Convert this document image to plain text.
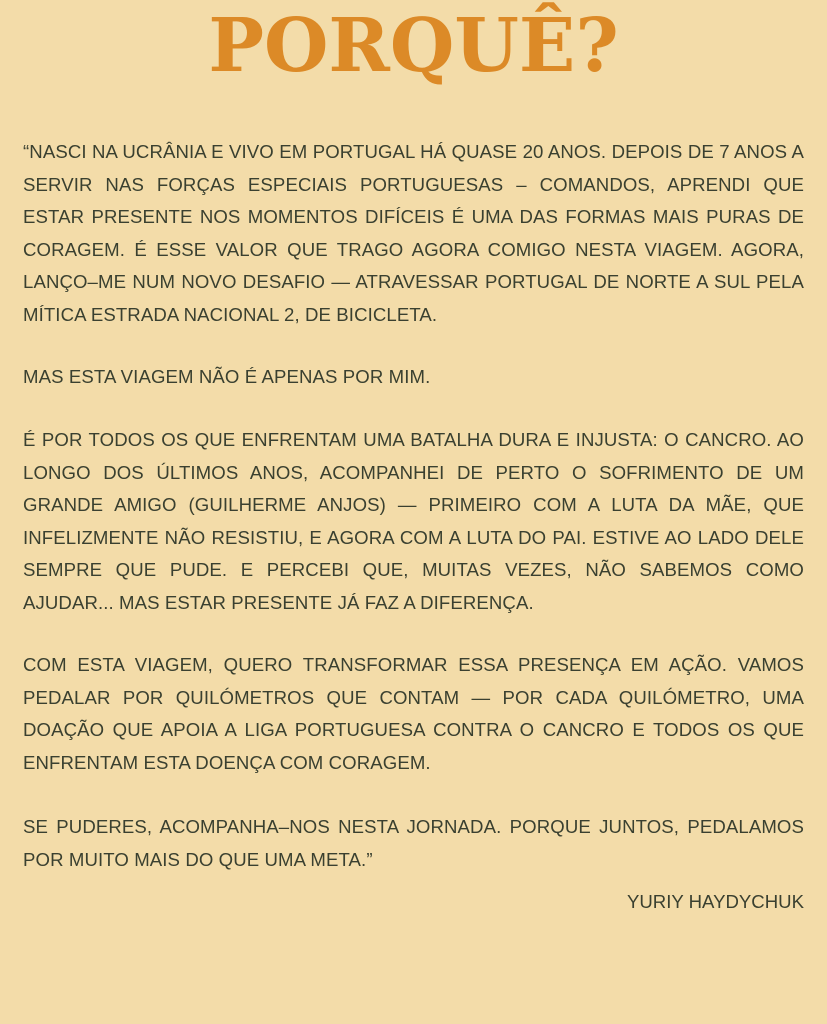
PORQUÊ?

“NASCI NA UCRÂNIA E VIVO EM PORTUGAL HÁ QUASE 20 ANOS. DEPOIS DE 7 ANOS A SERVIR NAS FORÇAS ESPECIAIS PORTUGUESAS – COMANDOS, APRENDI QUE ESTAR PRESENTE NOS MOMENTOS DIFÍCEIS É UMA DAS FORMAS MAIS PURAS DE CORAGEM. É ESSE VALOR QUE TRAGO AGORA COMIGO NESTA VIAGEM. AGORA, LANÇO–ME NUM NOVO DESAFIO — ATRAVESSAR PORTUGAL DE NORTE A SUL PELA MÍTICA ESTRADA NACIONAL 2, DE BICICLETA.

MAS ESTA VIAGEM NÃO É APENAS POR MIM.

É POR TODOS OS QUE ENFRENTAM UMA BATALHA DURA E INJUSTA: O CANCRO. AO LONGO DOS ÚLTIMOS ANOS, ACOMPANHEI DE PERTO O SOFRIMENTO DE UM GRANDE AMIGO (GUILHERME ANJOS) — PRIMEIRO COM A LUTA DA MÃE, QUE INFELIZMENTE NÃO RESISTIU, E AGORA COM A LUTA DO PAI. ESTIVE AO LADO DELE SEMPRE QUE PUDE. E PERCEBI QUE, MUITAS VEZES, NÃO SABEMOS COMO AJUDAR... MAS ESTAR PRESENTE JÁ FAZ A DIFERENÇA.

COM ESTA VIAGEM, QUERO TRANSFORMAR ESSA PRESENÇA EM AÇÃO. VAMOS PEDALAR POR QUILÓMETROS QUE CONTAM — POR CADA QUILÓMETRO, UMA DOAÇÃO QUE APOIA A LIGA PORTUGUESA CONTRA O CANCRO E TODOS OS QUE ENFRENTAM ESTA DOENÇA COM CORAGEM.

SE PUDERES, ACOMPANHA–NOS NESTA JORNADA. PORQUE JUNTOS, PEDALAMOS POR MUITO MAIS DO QUE UMA META.”

YURIY HAYDYCHUK
